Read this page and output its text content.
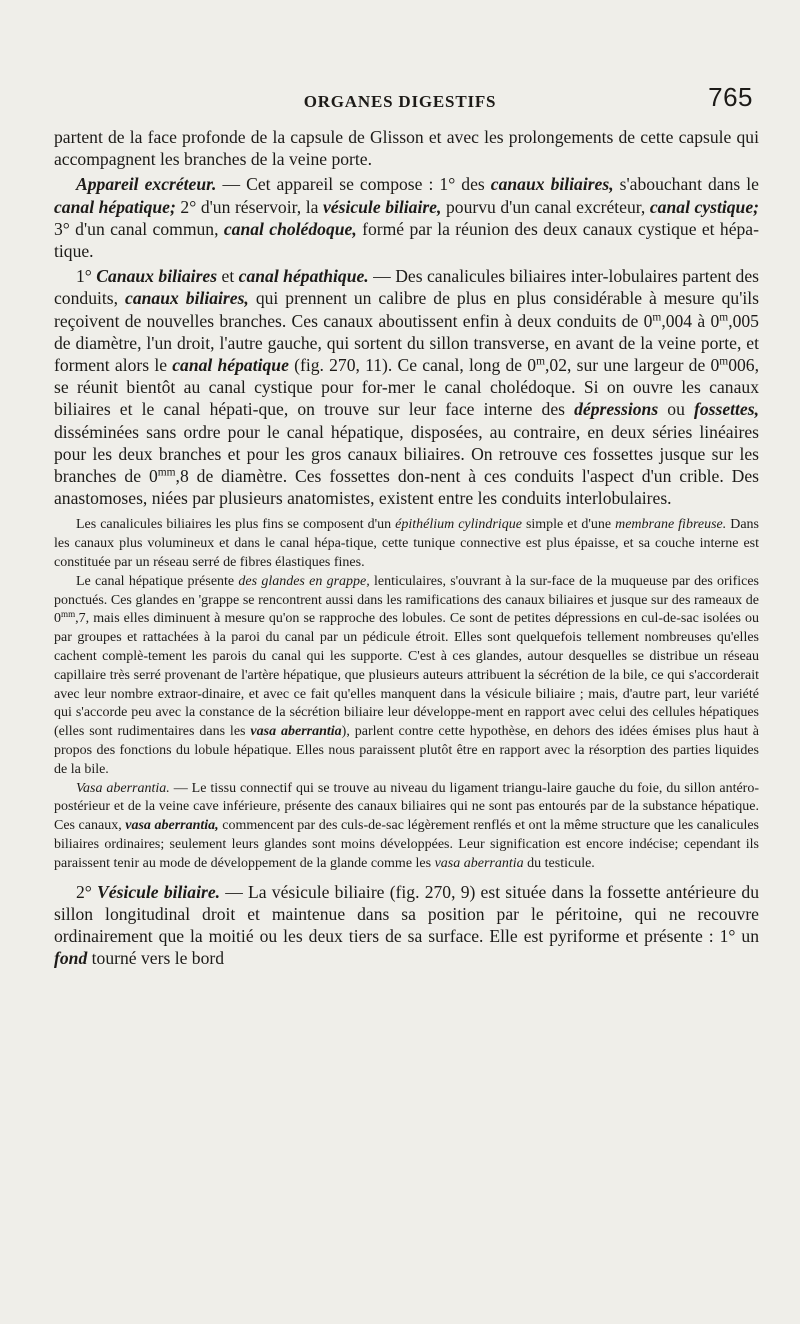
ORGANES DIGESTIFS	765

partent de la face profonde de la capsule de Glisson et avec les prolongements de cette capsule qui accompagnent les branches de la veine porte.

Appareil excréteur. — Cet appareil se compose : 1° des canaux biliaires, s'abouchant dans le canal hépatique; 2° d'un réservoir, la vésicule biliaire, pourvu d'un canal excréteur, canal cystique; 3° d'un canal commun, canal cholédoque, formé par la réunion des deux canaux cystique et hépa-tique.

1° Canaux biliaires et canal hépathique. — Des canalicules biliaires inter-lobulaires partent des conduits, canaux biliaires, qui prennent un calibre de plus en plus considérable à mesure qu'ils reçoivent de nouvelles branches. Ces canaux aboutissent enfin à deux conduits de 0$^m$,004 à 0$^m$,005 de diamètre, l'un droit, l'autre gauche, qui sortent du sillon transverse, en avant de la veine porte, et forment alors le canal hépatique (fig. 270, 11). Ce canal, long de 0$^m$,02, sur une largeur de 0$^m$006, se réunit bientôt au canal cystique pour for-mer le canal cholédoque. Si on ouvre les canaux biliaires et le canal hépati-que, on trouve sur leur face interne des dépressions ou fossettes, disséminées sans ordre pour le canal hépatique, disposées, au contraire, en deux séries linéaires pour les deux branches et pour les gros canaux biliaires. On retrouve ces fossettes jusque sur les branches de $0^{mm},8$ de diamètre. Ces fossettes don-nent à ces conduits l'aspect d'un crible. Des anastomoses, niées par plusieurs anatomistes, existent entre les conduits interlobulaires.

Les canalicules biliaires les plus fins se composent d'un épithélium cylindrique simple et d'une membrane fibreuse. Dans les canaux plus volumineux et dans le canal hépa-tique, cette tunique connective est plus épaisse, et sa couche interne est constituée par un réseau serré de fibres élastiques fines.

Le canal hépatique présente des glandes en grappe, lenticulaires, s'ouvrant à la sur-face de la muqueuse par des orifices ponctués. Ces glandes en 'grappe se rencontrent aussi dans les ramifications des canaux biliaires et jusque sur des rameaux de $0^{mm},7$, mais elles diminuent à mesure qu'on se rapproche des lobules. Ce sont de petites dépressions en cul-de-sac isolées ou par groupes et rattachées à la paroi du canal par un pédicule étroit. Elles sont quelquefois tellement nombreuses qu'elles cachent complè-tement les parois du canal qui les supporte. C'est à ces glandes, autour desquelles se distribue un réseau capillaire très serré provenant de l'artère hépatique, que plusieurs auteurs attribuent la sécrétion de la bile, ce qui s'accorderait avec leur nombre extraor-dinaire, et avec ce fait qu'elles manquent dans la vésicule biliaire ; mais, d'autre part, leur variété qui s'accorde peu avec la constance de la sécrétion biliaire leur développe-ment en rapport avec celui des cellules hépatiques (elles sont rudimentaires dans les vasa aberrantia), parlent contre cette hypothèse, en dehors des idées émises plus haut à propos des fonctions du lobule hépatique. Elles nous paraissent plutôt être en rapport avec la résorption des parties liquides de la bile.

Vasa aberrantia. — Le tissu connectif qui se trouve au niveau du ligament triangu-laire gauche du foie, du sillon antéro-postérieur et de la veine cave inférieure, présente des canaux biliaires qui ne sont pas entourés par de la substance hépatique. Ces canaux, vasa aberrantia, commencent par des culs-de-sac légèrement renflés et ont la même structure que les canalicules biliaires ordinaires; seulement leurs glandes sont moins développées. Leur signification est encore indécise; cependant ils paraissent tenir au mode de développement de la glande comme les vasa aberrantia du testicule.

2° Vésicule biliaire. — La vésicule biliaire (fig. 270, 9) est située dans la fossette antérieure du sillon longitudinal droit et maintenue dans sa position par le péritoine, qui ne recouvre ordinairement que la moitié ou les deux tiers de sa surface. Elle est pyriforme et présente : 1° un fond tourné vers le bord
